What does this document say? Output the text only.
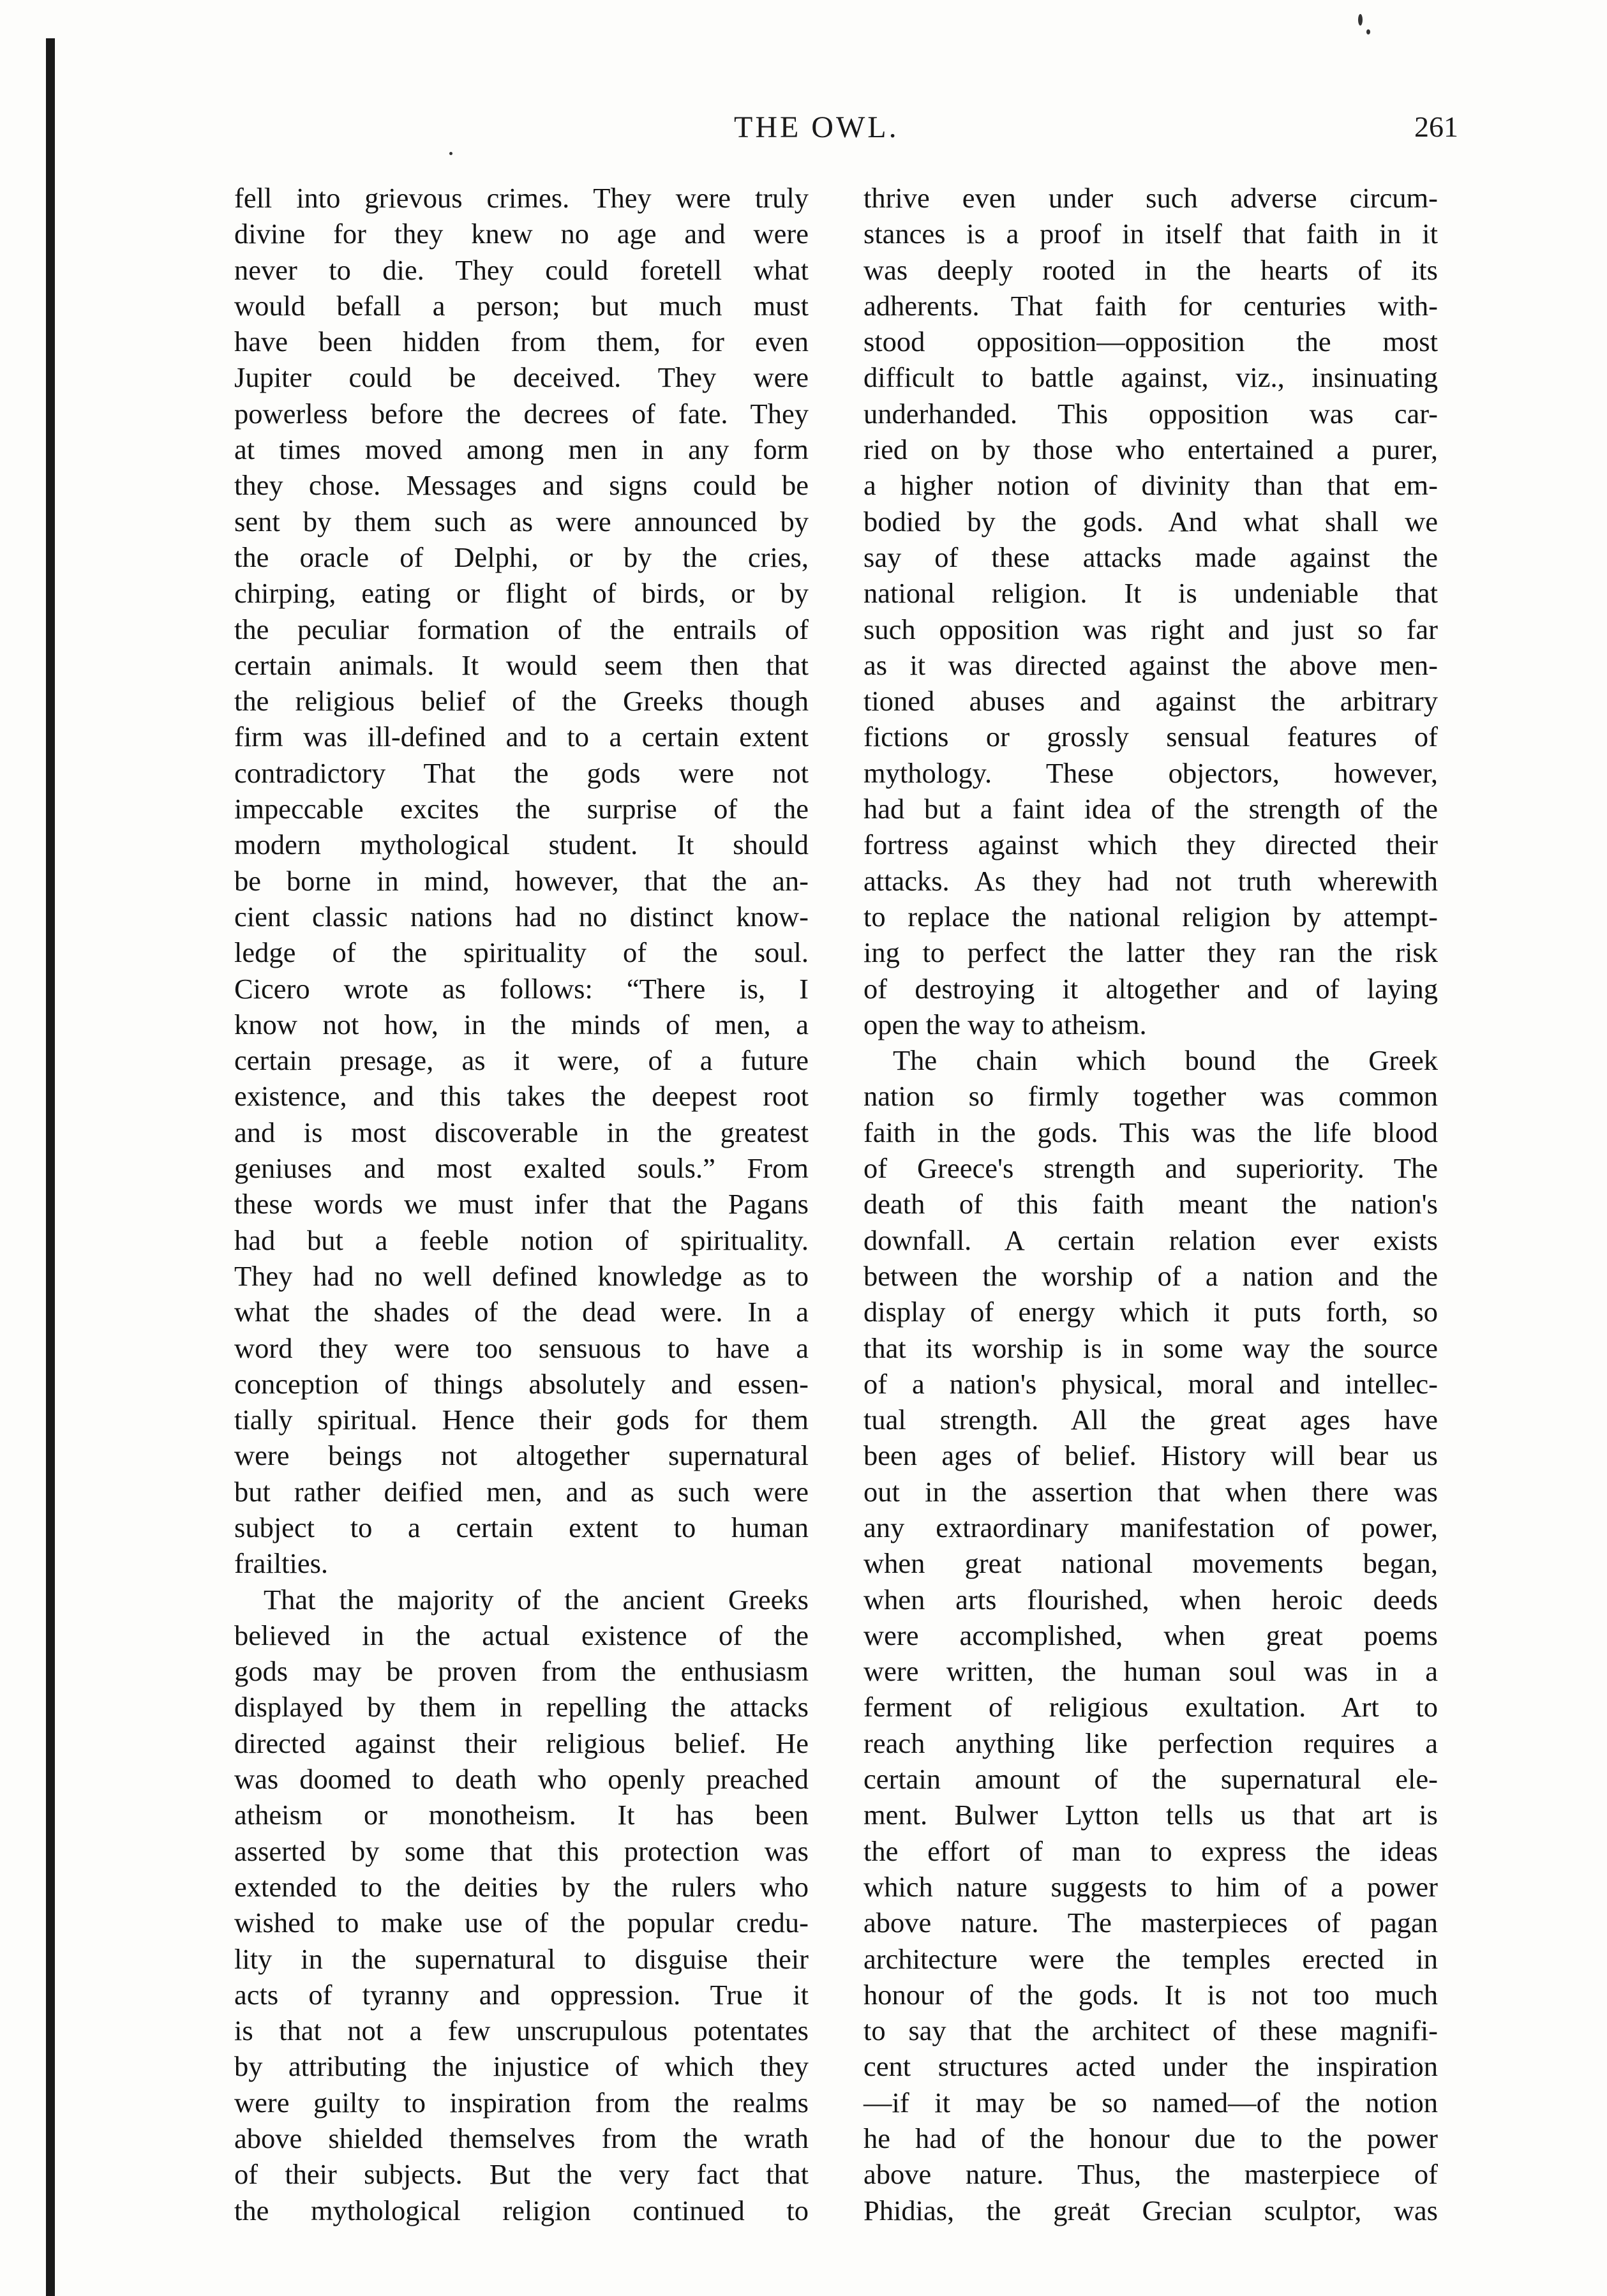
THE OWL.	261
fell into grievous crimes. They were truly
divine for they knew no age and were
never to die. They could foretell what
would befall a person; but much must
have been hidden from them, for even
Jupiter could be deceived. They were
powerless before the decrees of fate. They
at times moved among men in any form
they chose. Messages and signs could be
sent by them such as were announced by
the oracle of Delphi, or by the cries,
chirping, eating or flight of birds, or by
the peculiar formation of the entrails of
certain animals. It would seem then that
the religious belief of the Greeks though
firm was ill-defined and to a certain extent
contradictory That the gods were not
impeccable excites the surprise of the
modern mythological student. It should
be borne in mind, however, that the an-
cient classic nations had no distinct know-
ledge of the spirituality of the soul.
Cicero wrote as follows: “There is, I
know not how, in the minds of men, a
certain presage, as it were, of a future
existence, and this takes the deepest root
and is most discoverable in the greatest
geniuses and most exalted souls.” From
these words we must infer that the Pagans
had but a feeble notion of spirituality.
They had no well defined knowledge as to
what the shades of the dead were. In a
word they were too sensuous to have a
conception of things absolutely and essen-
tially spiritual. Hence their gods for them
were beings not altogether supernatural
but rather deified men, and as such were
subject to a certain extent to human
frailties.
That the majority of the ancient Greeks
believed in the actual existence of the
gods may be proven from the enthusiasm
displayed by them in repelling the attacks
directed against their religious belief. He
was doomed to death who openly preached
atheism or monotheism. It has been
asserted by some that this protection was
extended to the deities by the rulers who
wished to make use of the popular credu-
lity in the supernatural to disguise their
acts of tyranny and oppression. True it
is that not a few unscrupulous potentates
by attributing the injustice of which they
were guilty to inspiration from the realms
above shielded themselves from the wrath
of their subjects. But the very fact that
the mythological religion continued to
thrive even under such adverse circum-
stances is a proof in itself that faith in it
was deeply rooted in the hearts of its
adherents. That faith for centuries with-
stood opposition—opposition the most
difficult to battle against, viz., insinuating
underhanded. This opposition was car-
ried on by those who entertained a purer,
a higher notion of divinity than that em-
bodied by the gods. And what shall we
say of these attacks made against the
national religion. It is undeniable that
such opposition was right and just so far
as it was directed against the above men-
tioned abuses and against the arbitrary
fictions or grossly sensual features of
mythology. These objectors, however,
had but a faint idea of the strength of the
fortress against which they directed their
attacks. As they had not truth wherewith
to replace the national religion by attempt-
ing to perfect the latter they ran the risk
of destroying it altogether and of laying
open the way to atheism.
The chain which bound the Greek
nation so firmly together was common
faith in the gods. This was the life blood
of Greece's strength and superiority. The
death of this faith meant the nation's
downfall. A certain relation ever exists
between the worship of a nation and the
display of energy which it puts forth, so
that its worship is in some way the source
of a nation's physical, moral and intellec-
tual strength. All the great ages have
been ages of belief. History will bear us
out in the assertion that when there was
any extraordinary manifestation of power,
when great national movements began,
when arts flourished, when heroic deeds
were accomplished, when great poems
were written, the human soul was in a
ferment of religious exultation. Art to
reach anything like perfection requires a
certain amount of the supernatural ele-
ment. Bulwer Lytton tells us that art is
the effort of man to express the ideas
which nature suggests to him of a power
above nature. The masterpieces of pagan
architecture were the temples erected in
honour of the gods. It is not too much
to say that the architect of these magnifi-
cent structures acted under the inspiration
—if it may be so named—of the notion
he had of the honour due to the power
above nature. Thus, the masterpiece of
Phidias, the great Grecian sculptor, was
